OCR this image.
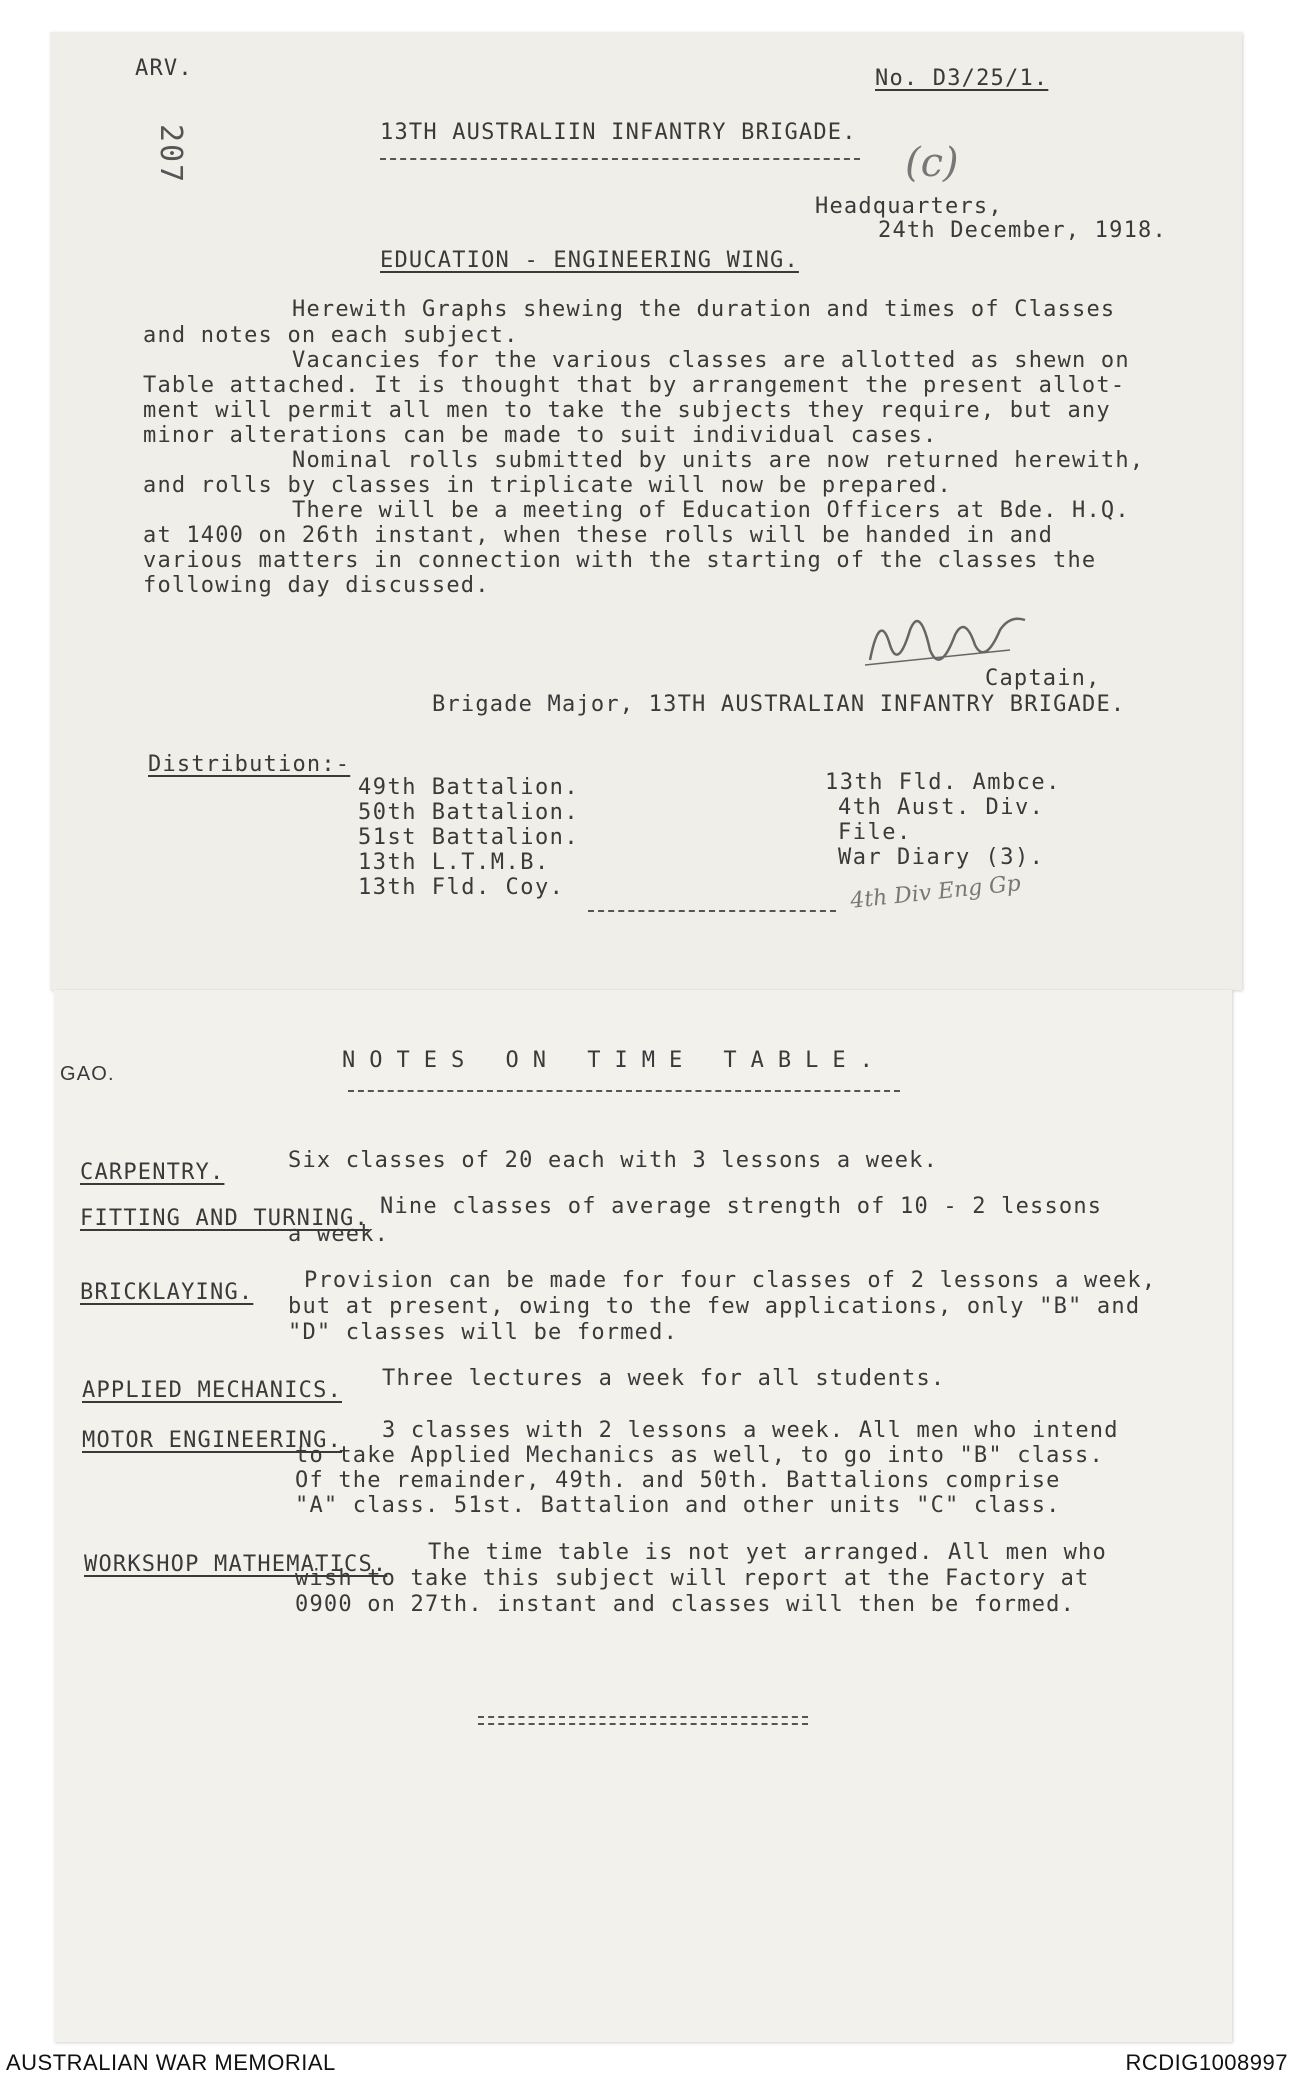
ARV.	No. D3/25/1.
207	13TH AUSTRALIIN INFANTRY BRIGADE.
(c)
Headquarters,
24th December, 1918.
EDUCATION - ENGINEERING WING.
Herewith Graphs shewing the duration and times of Classes
and notes on each subject.
Vacancies for the various classes are allotted as shewn on
Table attached. It is thought that by arrangement the present allot-
ment will permit all men to take the subjects they require, but any
minor alterations can be made to suit individual cases.
Nominal rolls submitted by units are now returned herewith,
and rolls by classes in triplicate will now be prepared.
There will be a meeting of Education Officers at Bde. H.Q.
at 1400 on 26th instant, when these rolls will be handed in and
various matters in connection with the starting of the classes the
following day discussed.
Captain,
Brigade Major, 13TH AUSTRALIAN INFANTRY BRIGADE.
Distribution:-
49th Battalion.
50th Battalion.
51st Battalion.
13th L.T.M.B.
13th Fld. Coy.
13th Fld. Ambce.
4th Aust. Div.
File.
War Diary (3).
4th Div Eng Gp
GAO.
NOTES ON TIME TABLE.
CARPENTRY.	Six classes of 20 each with 3 lessons a week.
FITTING AND TURNING. Nine classes of average strength of 10 - 2 lessons
a week.
BRICKLAYING. Provision can be made for four classes of 2 lessons a week,
but at present, owing to the few applications, only "B" and
"D" classes will be formed.
APPLIED MECHANICS. Three lectures a week for all students.
MOTOR ENGINEERING. 3 classes with 2 lessons a week. All men who intend
to take Applied Mechanics as well, to go into "B" class.
Of the remainder, 49th. and 50th. Battalions comprise
"A" class. 51st. Battalion and other units "C" class.
WORKSHOP MATHEMATICS. The time table is not yet arranged. All men who
wish to take this subject will report at the Factory at
0900 on 27th. instant and classes will then be formed.
AUSTRALIAN WAR MEMORIAL	RCDIG1008997
